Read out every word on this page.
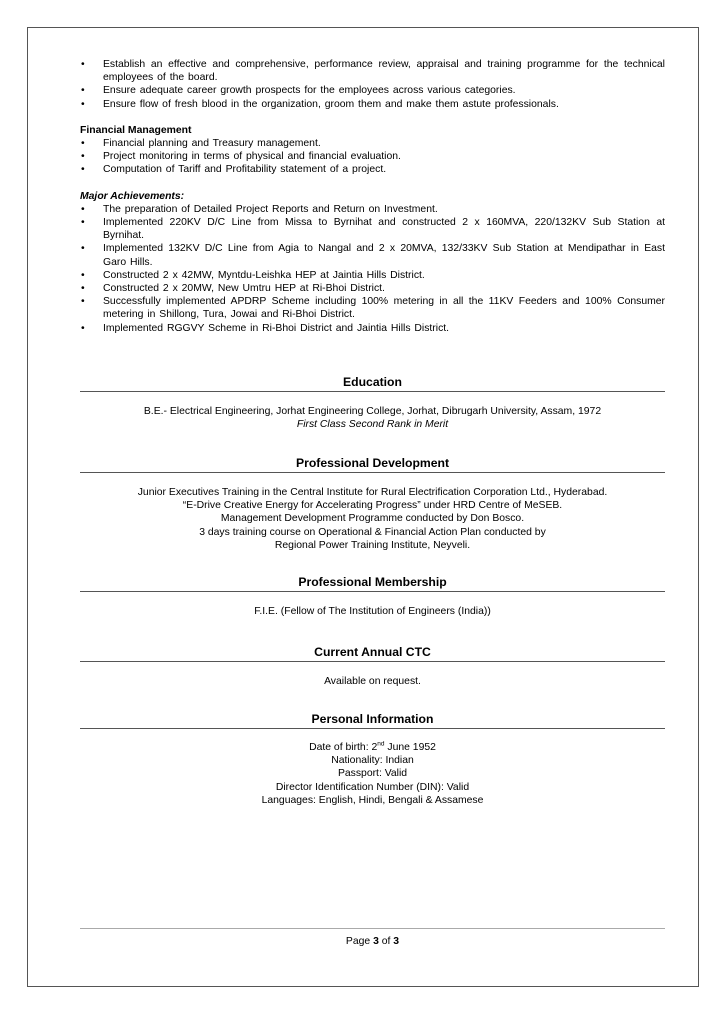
• Establish an effective and comprehensive, performance review, appraisal and training programme for the technical employees of the board.
• Ensure adequate career growth prospects for the employees across various categories.
• Ensure flow of fresh blood in the organization, groom them and make them astute professionals.

Financial Management

• Financial planning and Treasury management.
• Project monitoring in terms of physical and financial evaluation.
• Computation of Tariff and Profitability statement of a project.

Major Achievements:

• The preparation of Detailed Project Reports and Return on Investment.
• Implemented 220KV D/C Line from Missa to Byrnihat and constructed 2 x 160MVA, 220/132KV Sub Station at Byrnihat.
• Implemented 132KV D/C Line from Agia to Nangal and 2 x 20MVA, 132/33KV Sub Station at Mendipathar in East Garo Hills.
• Constructed 2 x 42MW, Myntdu-Leishka HEP at Jaintia Hills District.
• Constructed 2 x 20MW, New Umtru HEP at Ri-Bhoi District.
• Successfully implemented APDRP Scheme including 100% metering in all the 11KV Feeders and 100% Consumer metering in Shillong, Tura, Jowai and Ri-Bhoi District.
• Implemented RGGVY Scheme in Ri-Bhoi District and Jaintia Hills District.
Education
B.E.- Electrical Engineering, Jorhat Engineering College, Jorhat, Dibrugarh University, Assam, 1972
First Class Second Rank in Merit
Professional Development
Junior Executives Training in the Central Institute for Rural Electrification Corporation Ltd., Hyderabad.
“E-Drive Creative Energy for Accelerating Progress” under HRD Centre of MeSEB.
Management Development Programme conducted by Don Bosco.
3 days training course on Operational & Financial Action Plan conducted by
Regional Power Training Institute, Neyveli.
Professional Membership
F.I.E. (Fellow of The Institution of Engineers (India))
Current Annual CTC
Available on request.
Personal Information
Date of birth: 2nd June 1952
Nationality: Indian
Passport: Valid
Director Identification Number (DIN): Valid
Languages: English, Hindi, Bengali & Assamese
Page 3 of 3
